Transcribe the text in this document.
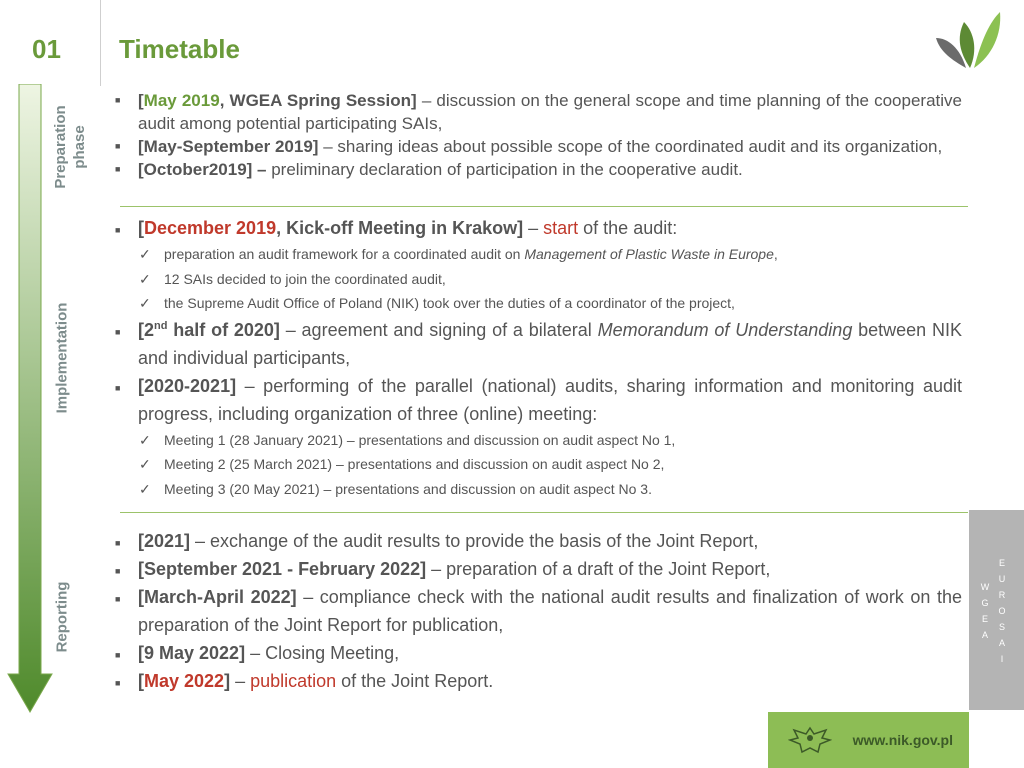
01 Timetable
Preparation phase
Implementation
Reporting
■ [May 2019, WGEA Spring Session] – discussion on the general scope and time planning of the cooperative audit among potential participating SAIs,
■ [May-September 2019] – sharing ideas about possible scope of the coordinated audit and its organization,
■ [October2019] – preliminary declaration of participation in the cooperative audit.
■ [December 2019, Kick-off Meeting in Krakow] – start of the audit:
✓ preparation an audit framework for a coordinated audit on Management of Plastic Waste in Europe,
✓ 12 SAIs decided to join the coordinated audit,
✓ the Supreme Audit Office of Poland (NIK) took over the duties of a coordinator of the project,
■ [2nd half of 2020] – agreement and signing of a bilateral Memorandum of Understanding between NIK and individual participants,
■ [2020-2021] – performing of the parallel (national) audits, sharing information and monitoring audit progress, including organization of three (online) meeting:
✓ Meeting 1 (28 January 2021) – presentations and discussion on audit aspect No 1,
✓ Meeting 2 (25 March 2021) – presentations and discussion on audit aspect No 2,
✓ Meeting 3 (20 May 2021) – presentations and discussion on audit aspect No 3.
■ [2021] – exchange of the audit results to provide the basis of the Joint Report,
■ [September 2021 - February 2022] – preparation of a draft of the Joint Report,
■ [March-April 2022] – compliance check with the national audit results and finalization of work on the preparation of the Joint Report for publication,
■ [9 May 2022] – Closing Meeting,
■ [May 2022] – publication of the Joint Report.
W
G
E
A
E
U
R
O
S
A
I
www.nik.gov.pl
